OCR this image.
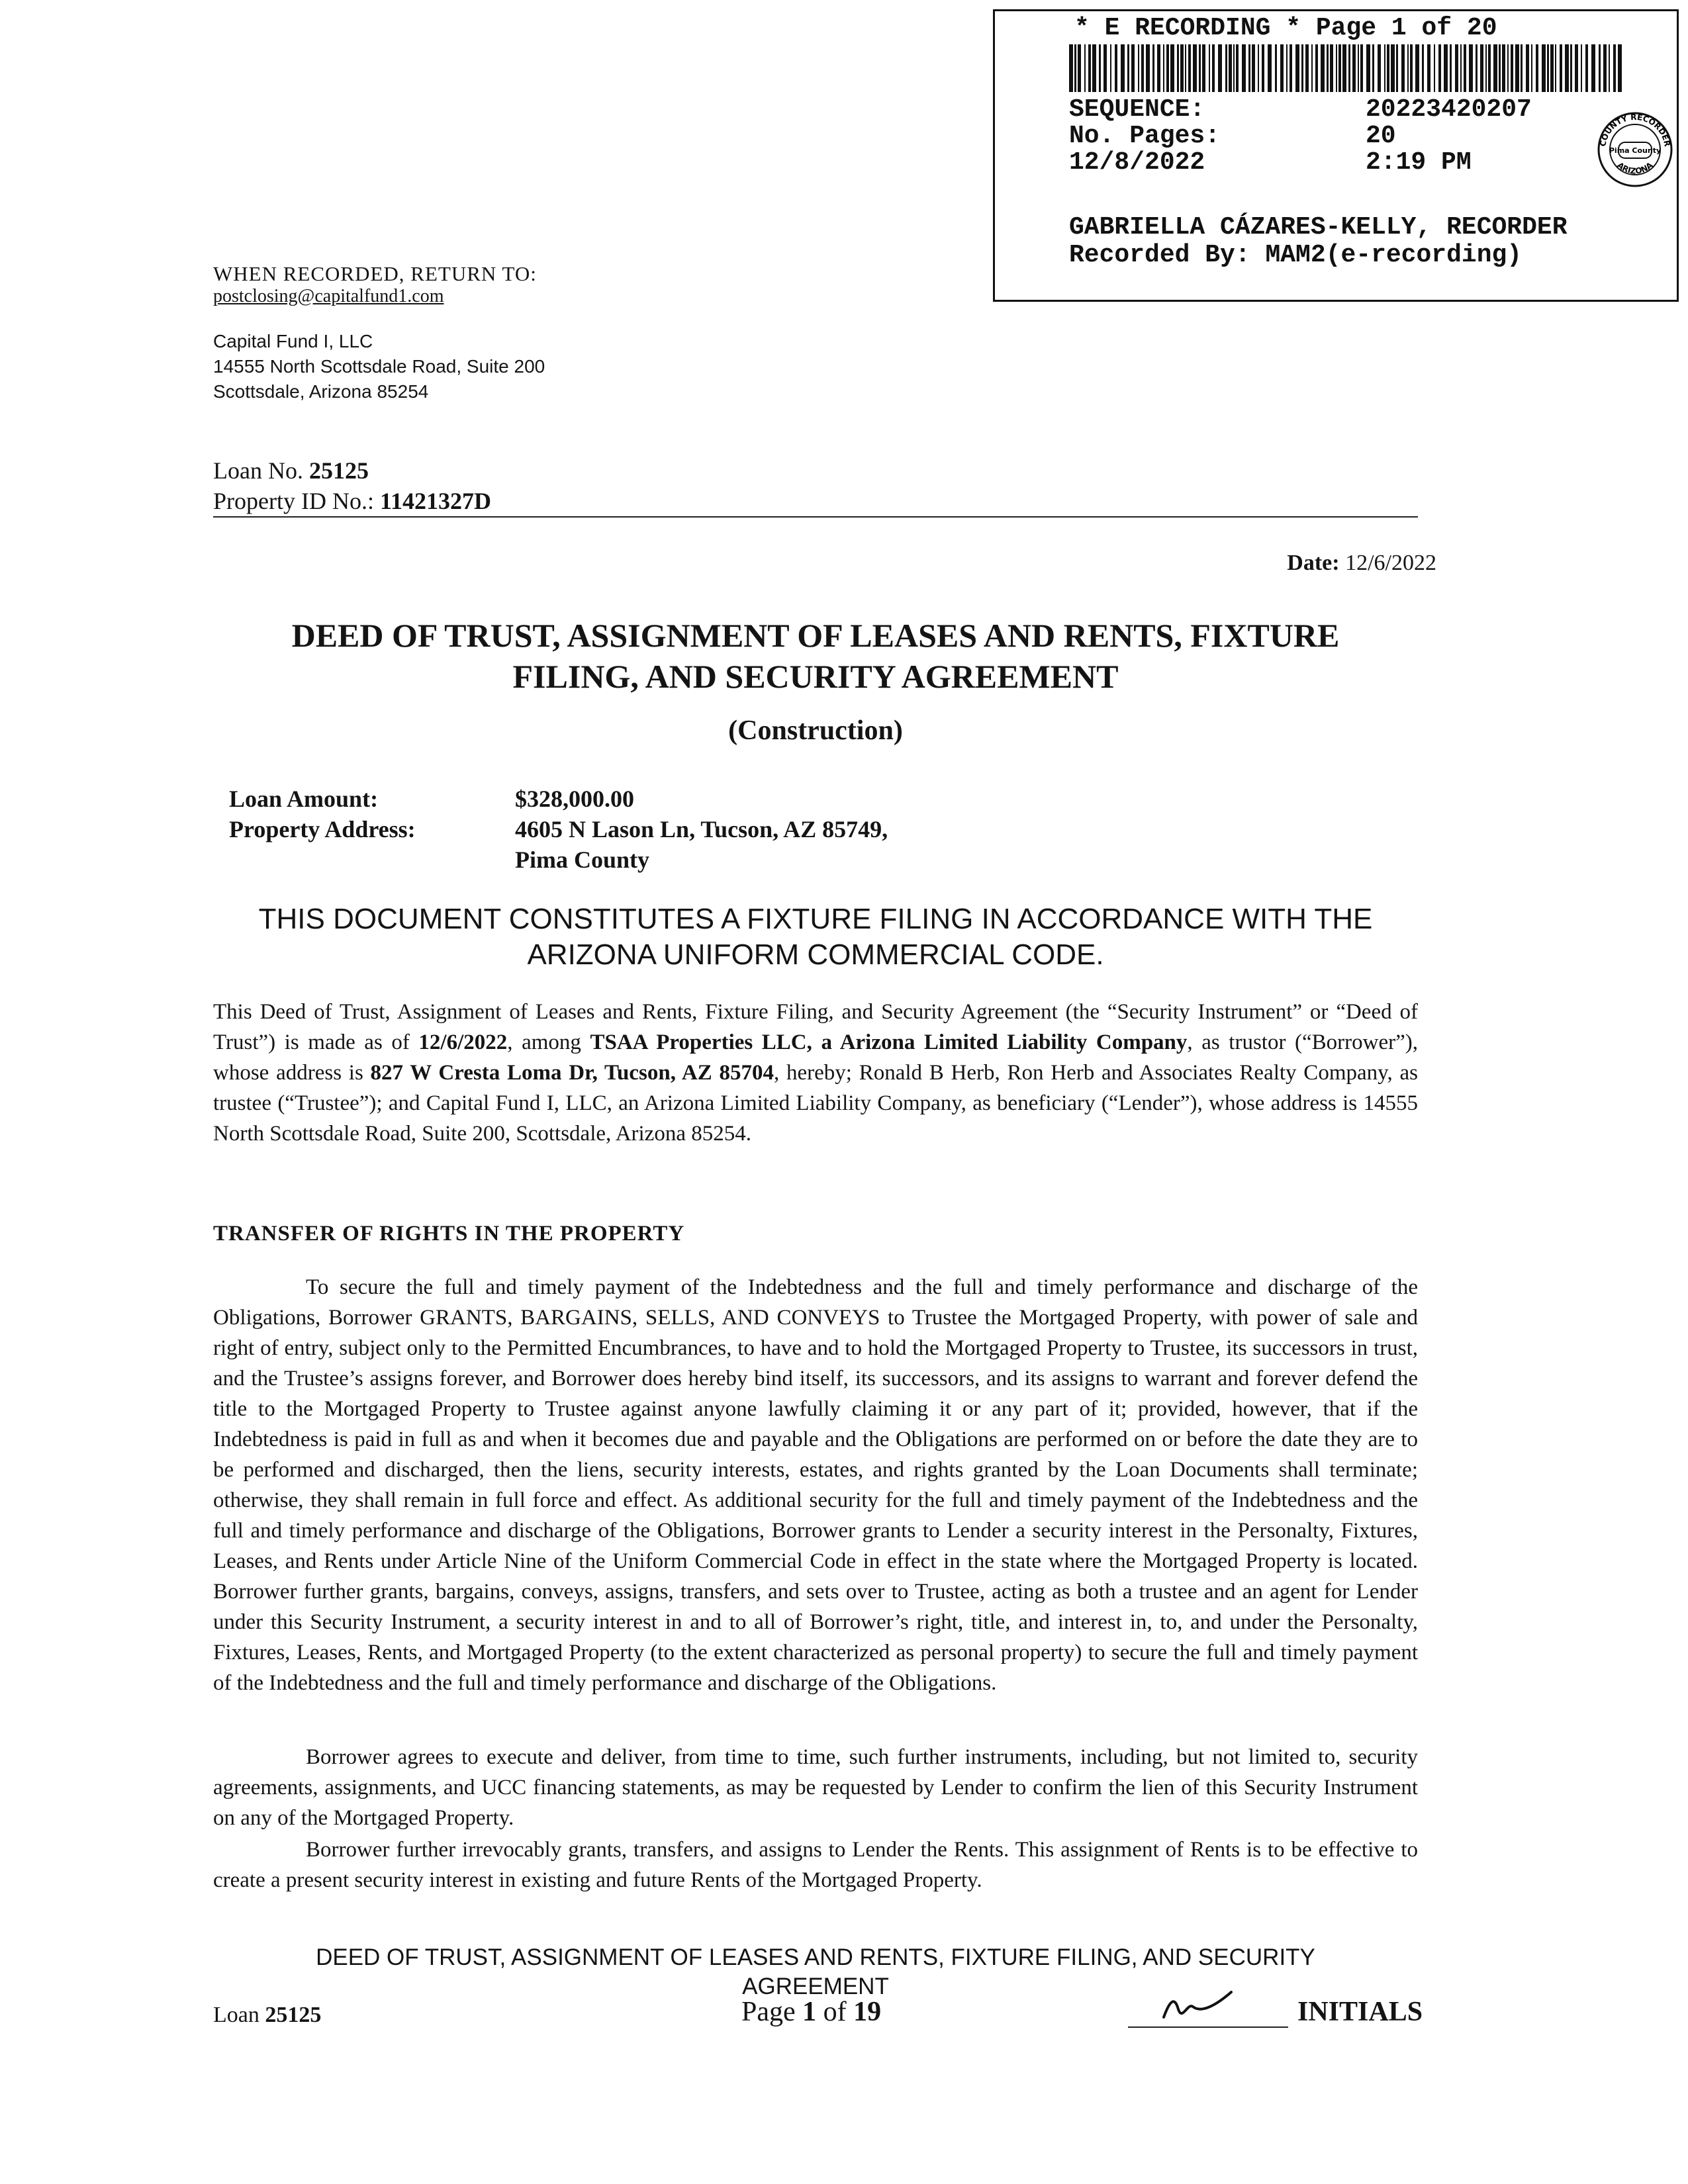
* E RECORDING * Page 1 of 20
SEQUENCE:	20223420207
No. Pages:	20
12/8/2022	2:19 PM
COUNTY RECORDER
ARIZONA
Pima County
GABRIELLA CÁZARES-KELLY, RECORDER
Recorded By: MAM2(e-recording)
WHEN RECORDED, RETURN TO:
postclosing@capitalfund1.com
Capital Fund I, LLC
14555 North Scottsdale Road, Suite 200
Scottsdale, Arizona 85254
Loan No. 25125
Property ID No.: 11421327D
Date: 12/6/2022
DEED OF TRUST, ASSIGNMENT OF LEASES AND RENTS, FIXTURE
FILING, AND SECURITY AGREEMENT
(Construction)
Loan Amount:	$328,000.00
Property Address:	4605 N Lason Ln, Tucson, AZ 85749,
Pima County
THIS DOCUMENT CONSTITUTES A FIXTURE FILING IN ACCORDANCE WITH THE
ARIZONA UNIFORM COMMERCIAL CODE.

This Deed of Trust, Assignment of Leases and Rents, Fixture Filing, and Security Agreement (the “Security Instrument” or “Deed of Trust”) is made as of 12/6/2022, among TSAA Properties LLC, a Arizona Limited Liability Company, as trustor (“Borrower”), whose address is 827 W Cresta Loma Dr, Tucson, AZ 85704, hereby; Ronald B Herb, Ron Herb and Associates Realty Company, as trustee (“Trustee”); and Capital Fund I, LLC, an Arizona Limited Liability Company, as beneficiary (“Lender”), whose address is 14555 North Scottsdale Road, Suite 200, Scottsdale, Arizona 85254.

TRANSFER OF RIGHTS IN THE PROPERTY

To secure the full and timely payment of the Indebtedness and the full and timely performance and discharge of the Obligations, Borrower GRANTS, BARGAINS, SELLS, AND CONVEYS to Trustee the Mortgaged Property, with power of sale and right of entry, subject only to the Permitted Encumbrances, to have and to hold the Mortgaged Property to Trustee, its successors in trust, and the Trustee’s assigns forever, and Borrower does hereby bind itself, its successors, and its assigns to warrant and forever defend the title to the Mortgaged Property to Trustee against anyone lawfully claiming it or any part of it; provided, however, that if the Indebtedness is paid in full as and when it becomes due and payable and the Obligations are performed on or before the date they are to be performed and discharged, then the liens, security interests, estates, and rights granted by the Loan Documents shall terminate; otherwise, they shall remain in full force and effect. As additional security for the full and timely payment of the Indebtedness and the full and timely performance and discharge of the Obligations, Borrower grants to Lender a security interest in the Personalty, Fixtures, Leases, and Rents under Article Nine of the Uniform Commercial Code in effect in the state where the Mortgaged Property is located. Borrower further grants, bargains, conveys, assigns, transfers, and sets over to Trustee, acting as both a trustee and an agent for Lender under this Security Instrument, a security interest in and to all of Borrower’s right, title, and interest in, to, and under the Personalty, Fixtures, Leases, Rents, and Mortgaged Property (to the extent characterized as personal property) to secure the full and timely payment of the Indebtedness and the full and timely performance and discharge of the Obligations.

Borrower agrees to execute and deliver, from time to time, such further instruments, including, but not limited to, security agreements, assignments, and UCC financing statements, as may be requested by Lender to confirm the lien of this Security Instrument on any of the Mortgaged Property.

Borrower further irrevocably grants, transfers, and assigns to Lender the Rents. This assignment of Rents is to be effective to create a present security interest in existing and future Rents of the Mortgaged Property.

DEED OF TRUST, ASSIGNMENT OF LEASES AND RENTS, FIXTURE FILING, AND SECURITY
AGREEMENT
Loan 25125	Page 1 of 19	INITIALS
